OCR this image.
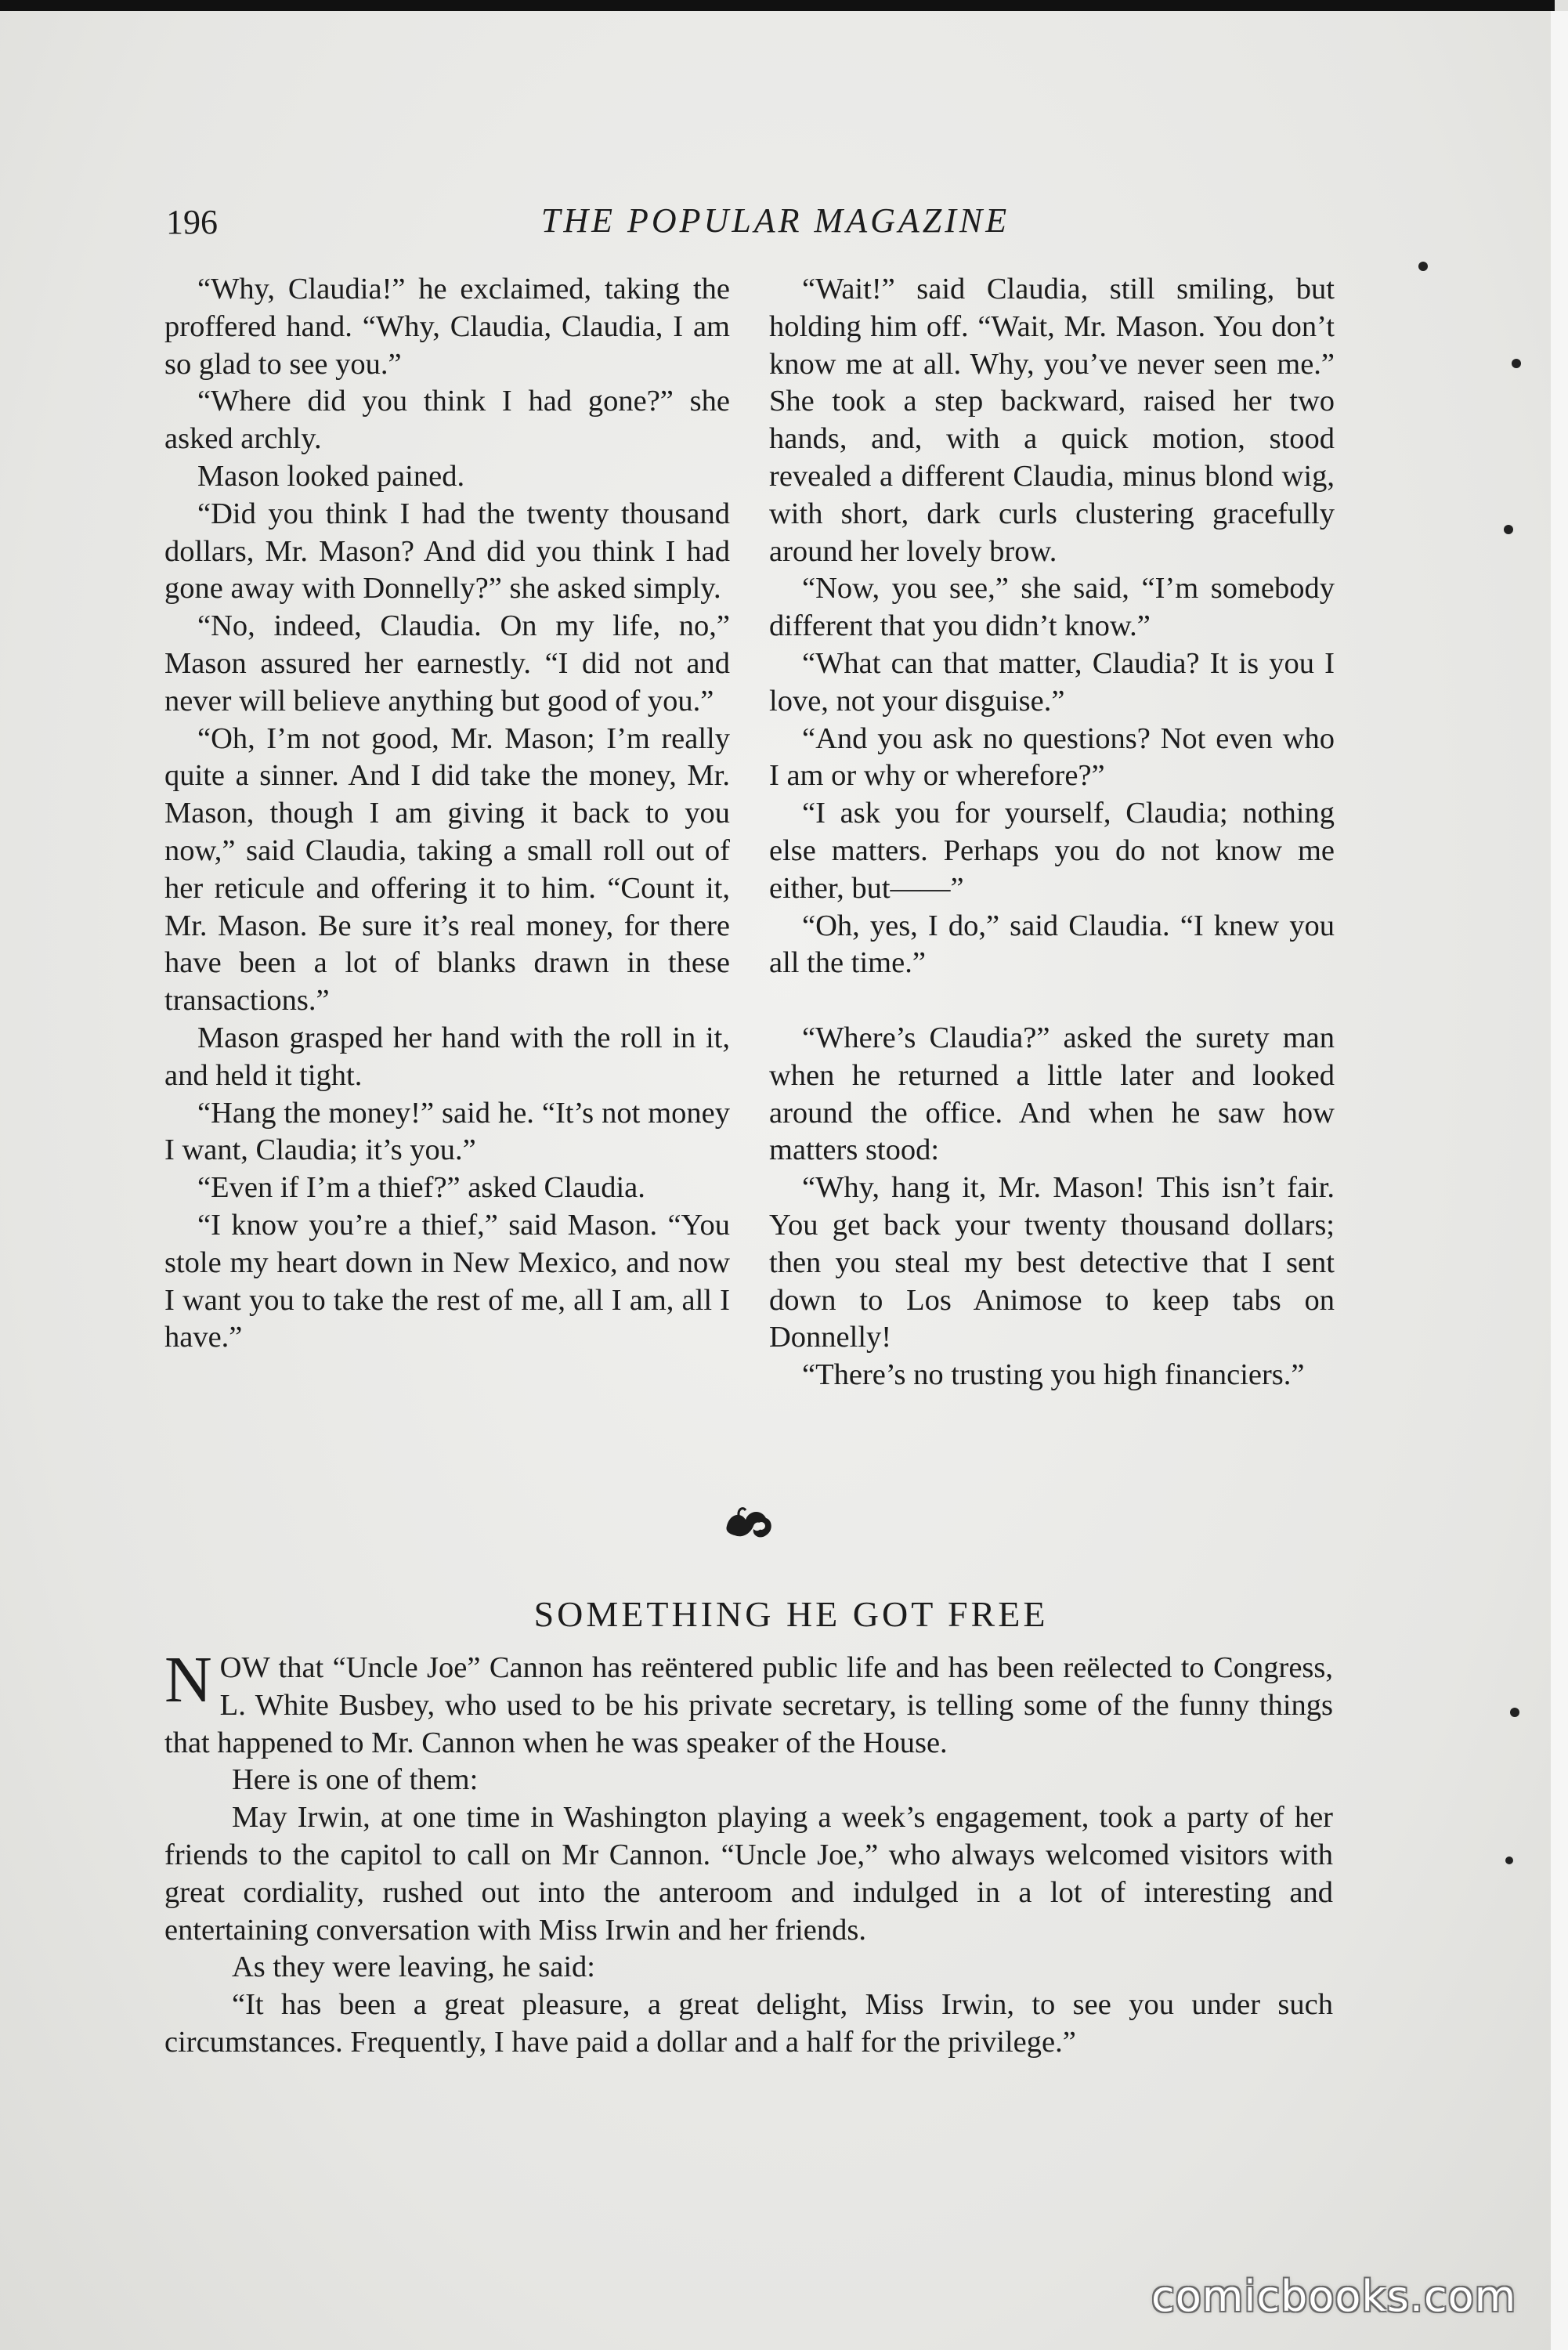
196	THE POPULAR MAGAZINE

“Why, Claudia!” he exclaimed, taking the proffered hand. “Why, Claudia, Claudia, I am so glad to see you.”

“Where did you think I had gone?” she asked archly.

Mason looked pained.

“Did you think I had the twenty thousand dollars, Mr. Mason? And did you think I had gone away with Donnelly?” she asked simply.

“No, indeed, Claudia. On my life, no,” Mason assured her earnestly. “I did not and never will believe anything but good of you.”

“Oh, I’m not good, Mr. Mason; I’m really quite a sinner. And I did take the money, Mr. Mason, though I am giving it back to you now,” said Claudia, taking a small roll out of her reticule and offering it to him. “Count it, Mr. Mason. Be sure it’s real money, for there have been a lot of blanks drawn in these transactions.”

Mason grasped her hand with the roll in it, and held it tight.

“Hang the money!” said he. “It’s not money I want, Claudia; it’s you.”

“Even if I’m a thief?” asked Claudia.

“I know you’re a thief,” said Mason. “You stole my heart down in New Mexico, and now I want you to take the rest of me, all I am, all I have.”

“Wait!” said Claudia, still smiling, but holding him off. “Wait, Mr. Mason. You don’t know me at all. Why, you’ve never seen me.” She took a step backward, raised her two hands, and, with a quick motion, stood revealed a different Claudia, minus blond wig, with short, dark curls clustering gracefully around her lovely brow.

“Now, you see,” she said, “I’m somebody different that you didn’t know.”

“What can that matter, Claudia? It is you I love, not your disguise.”

“And you ask no questions? Not even who I am or why or wherefore?”

“I ask you for yourself, Claudia; nothing else matters. Perhaps you do not know me either, but——”

“Oh, yes, I do,” said Claudia. “I knew you all the time.”

“Where’s Claudia?” asked the surety man when he returned a little later and looked around the office. And when he saw how matters stood:

“Why, hang it, Mr. Mason! This isn’t fair. You get back your twenty thousand dollars; then you steal my best detective that I sent down to Los Animose to keep tabs on Donnelly!

“There’s no trusting you high financiers.”

SOMETHING HE GOT FREE

NOW that “Uncle Joe” Cannon has reëntered public life and has been reëlected to Congress, L. White Busbey, who used to be his private secretary, is telling some of the funny things that happened to Mr. Cannon when he was speaker of the House.

Here is one of them:

May Irwin, at one time in Washington playing a week’s engagement, took a party of her friends to the capitol to call on Mr Cannon. “Uncle Joe,” who always welcomed visitors with great cordiality, rushed out into the anteroom and indulged in a lot of interesting and entertaining conversation with Miss Irwin and her friends.

As they were leaving, he said:

“It has been a great pleasure, a great delight, Miss Irwin, to see you under such circumstances. Frequently, I have paid a dollar and a half for the privilege.”

comicbooks.com
